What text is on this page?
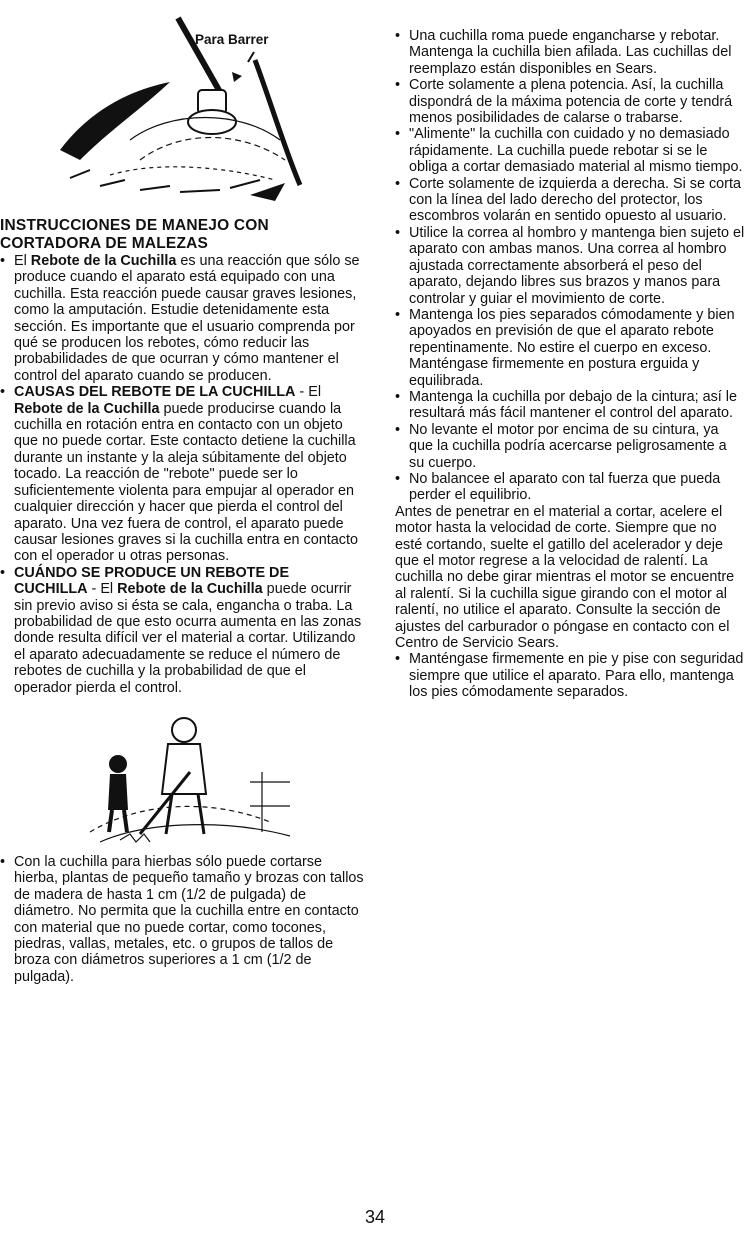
Para Barrer

INSTRUCCIONES DE MANEJO CON CORTADORA DE MALEZAS

• El Rebote de la Cuchilla es una reacción que sólo se produce cuando el aparato está equipado con una cuchilla. Esta reacción puede causar graves lesiones, como la amputación. Estudie detenidamente esta sección. Es importante que el usuario comprenda por qué se producen los rebotes, cómo reducir las probabilidades de que ocurran y cómo mantener el control del aparato cuando se producen.

• CAUSAS DEL REBOTE DE LA CUCHILLA - El Rebote de la Cuchilla puede producirse cuando la cuchilla en rotación entra en contacto con un objeto que no puede cortar. Este contacto detiene la cuchilla durante un instante y la aleja súbitamente del objeto tocado. La reacción de "rebote" puede ser lo suficientemente violenta para empujar al operador en cualquier dirección y hacer que pierda el control del aparato. Una vez fuera de control, el aparato puede causar lesiones graves si la cuchilla entra en contacto con el operador u otras personas.

• CUÁNDO SE PRODUCE UN REBOTE DE CUCHILLA - El Rebote de la Cuchilla puede ocurrir sin previo aviso si ésta se cala, engancha o traba. La probabilidad de que esto ocurra aumenta en las zonas donde resulta difícil ver el material a cortar. Utilizando el aparato adecuadamente se reduce el número de rebotes de cuchilla y la probabilidad de que el operador pierda el control.

• Con la cuchilla para hierbas sólo puede cortarse hierba, plantas de pequeño tamaño y brozas con tallos de madera de hasta 1 cm (1/2 de pulgada) de diámetro. No permita que la cuchilla entre en contacto con material que no puede cortar, como tocones, piedras, vallas, metales, etc. o grupos de tallos de broza con diámetros superiores a 1 cm (1/2 de pulgada).

• Una cuchilla roma puede engancharse y rebotar. Mantenga la cuchilla bien afilada. Las cuchillas del reemplazo están disponibles en Sears.

• Corte solamente a plena potencia. Así, la cuchilla dispondrá de la máxima potencia de corte y tendrá menos posibilidades de calarse o trabarse.

• "Alimente" la cuchilla con cuidado y no demasiado rápidamente. La cuchilla puede rebotar si se le obliga a cortar demasiado material al mismo tiempo.

• Corte solamente de izquierda a derecha. Si se corta con la línea del lado derecho del protector, los escombros volarán en sentido opuesto al usuario.

• Utilice la correa al hombro y mantenga bien sujeto el aparato con ambas manos. Una correa al hombro ajustada correctamente absorberá el peso del aparato, dejando libres sus brazos y manos para controlar y guiar el movimiento de corte.

• Mantenga los pies separados cómodamente y bien apoyados en previsión de que el aparato rebote repentinamente. No estire el cuerpo en exceso. Manténgase firmemente en postura erguida y equilibrada.

• Mantenga la cuchilla por debajo de la cintura; así le resultará más fácil mantener el control del aparato.

• No levante el motor por encima de su cintura, ya que la cuchilla podría acercarse peligrosamente a su cuerpo.

• No balancee el aparato con tal fuerza que pueda perder el equilibrio.

Antes de penetrar en el material a cortar, acelere el motor hasta la velocidad de corte. Siempre que no esté cortando, suelte el gatillo del acelerador y deje que el motor regrese a la velocidad de ralentí. La cuchilla no debe girar mientras el motor se encuentre al ralentí. Si la cuchilla sigue girando con el motor al ralentí, no utilice el aparato. Consulte la sección de ajustes del carburador o póngase en contacto con el Centro de Servicio Sears.

• Manténgase firmemente en pie y pise con seguridad siempre que utilice el aparato. Para ello, mantenga los pies cómodamente separados.

34
